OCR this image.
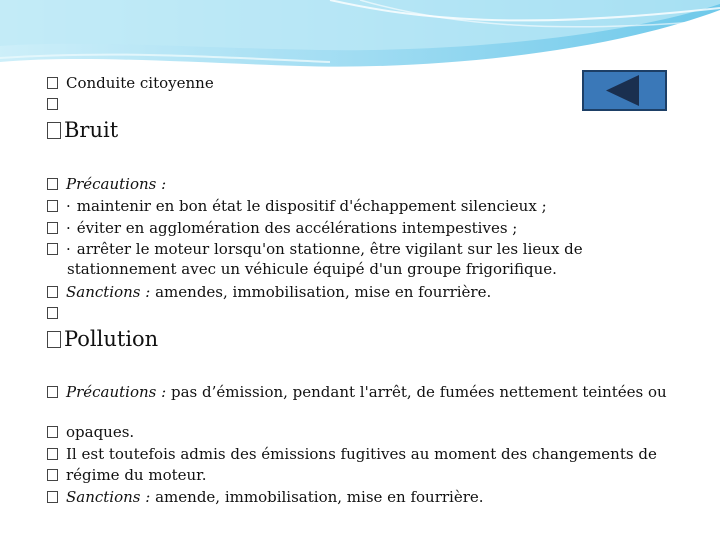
Conduite citoyenne
Bruit
Précautions :
· maintenir en bon état le dispositif d'échappement silencieux ;
· éviter en agglomération des accélérations intempestives ;
· arrêter le moteur lorsqu'on stationne, être vigilant sur les lieux de stationnement avec un véhicule équipé d'un groupe frigorifique.
Sanctions : amendes, immobilisation, mise en fourrière.
Pollution
Précautions : pas d’émission, pendant l'arrêt, de fumées nettement teintées ou
opaques.
Il est toutefois admis des émissions fugitives au moment des changements de
régime du moteur.
Sanctions : amende, immobilisation, mise en fourrière.
